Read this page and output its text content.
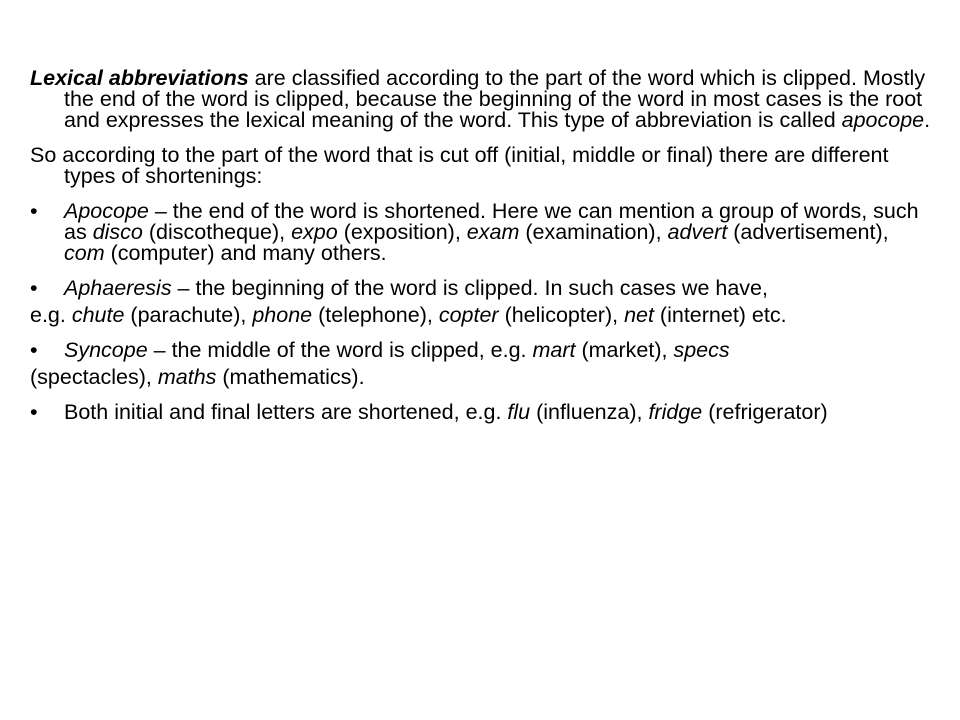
Lexical abbreviations are classified according to the part of the word which is clipped. Mostly the end of the word is clipped, because the beginning of the word in most cases is the root and expresses the lexical meaning of the word. This type of abbreviation is called apocope.

So according to the part of the word that is cut off (initial, middle or final) there are different types of shortenings:

•	Apocope – the end of the word is shortened. Here we can mention a group of words, such as disco (discotheque), expo (exposition), exam (examination), advert (advertisement), com (computer) and many others.
•	Aphaeresis – the beginning of the word is clipped. In such cases we have,

e.g. chute (parachute), phone (telephone), copter (helicopter), net (internet) etc.

•	Syncope – the middle of the word is clipped, e.g. mart (market), specs

(spectacles), maths (mathematics).

•	Both initial and final letters are shortened, e.g. flu (influenza), fridge (refrigerator)
